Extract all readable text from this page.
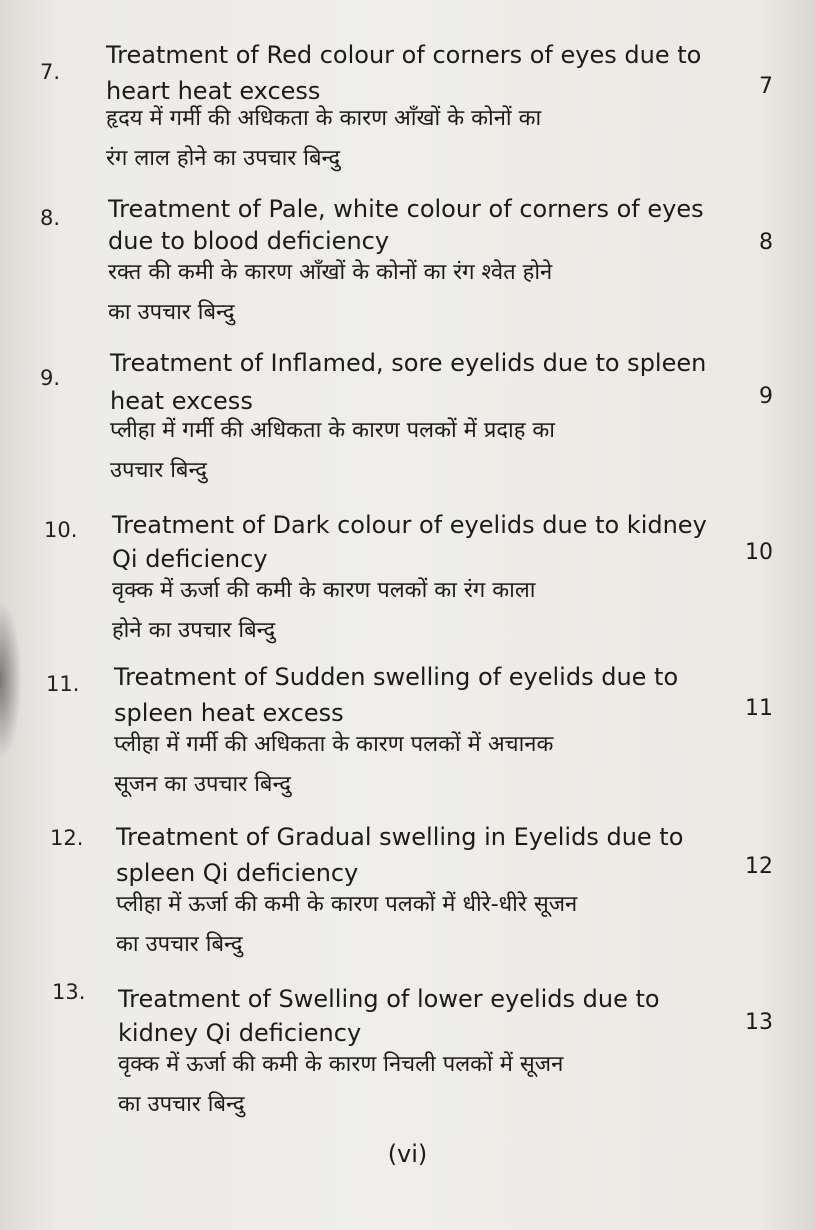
7.
Treatment of Red colour of corners of eyes due to
heart heat excess
हृदय में गर्मी की अधिकता के कारण आँखों के कोनों का
रंग लाल होने का उपचार बिन्दु
7
8. Treatment of Pale, white colour of corners of eyes
due to blood deficiency
रक्त की कमी के कारण आँखों के कोनों का रंग श्वेत होने
का उपचार बिन्दु
8
9.
Treatment of Inflamed, sore eyelids due to spleen
heat excess
प्लीहा में गर्मी की अधिकता के कारण पलकों में प्रदाह का
उपचार बिन्दु
9
10. Treatment of Dark colour of eyelids due to kidney
Qi deficiency
वृक्क में ऊर्जा की कमी के कारण पलकों का रंग काला
होने का उपचार बिन्दु
10
11. Treatment of Sudden swelling of eyelids due to
spleen heat excess
प्लीहा में गर्मी की अधिकता के कारण पलकों में अचानक
सूजन का उपचार बिन्दु
11
12. Treatment of Gradual swelling in Eyelids due to
spleen Qi deficiency
प्लीहा में ऊर्जा की कमी के कारण पलकों में धीरे-धीरे सूजन
का उपचार बिन्दु
12
13. Treatment of Swelling of lower eyelids due to
kidney Qi deficiency
वृक्क में ऊर्जा की कमी के कारण निचली पलकों में सूजन
का उपचार बिन्दु
13
(vi)
